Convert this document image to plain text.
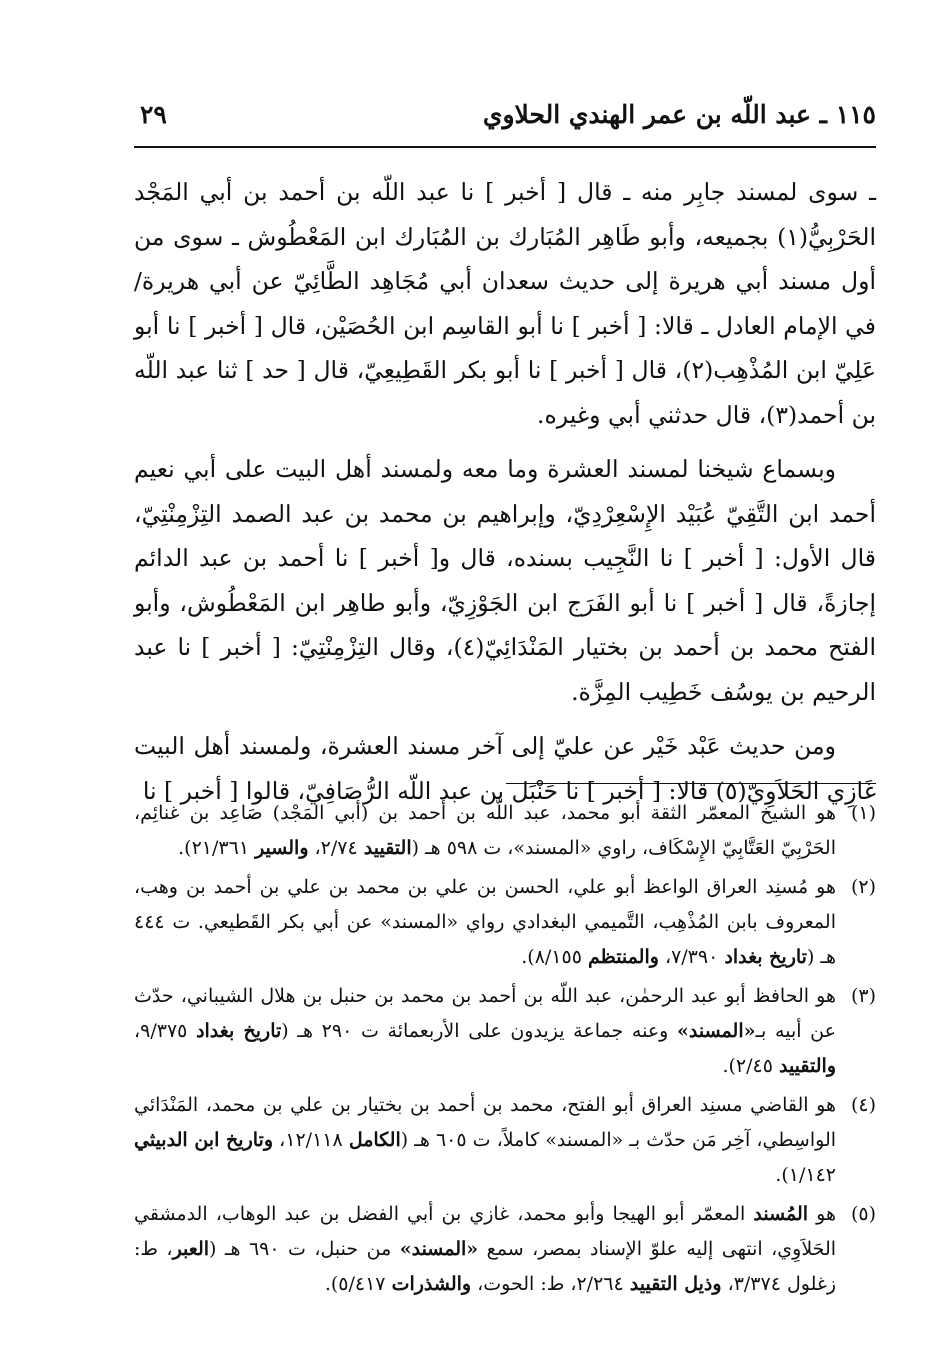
١١٥ ـ عبد اللّه بن عمر الهندي الحلاوي
٢٩

ـ سوى لمسند جابِر منه ـ قال [ أخبر ] نا عبد اللّه بن أحمد بن أبي المَجْد الحَرْبِيُّ(١) بجميعه، وأبو طَاهِر المُبَارك بن المُبَارك ابن المَعْطُوش ـ سوى من أول مسند أبي هريرة إلى حديث سعدان أبي مُجَاهِد الطَّائِيّ عن أبي هريرة/ في الإمام العادل ـ قالا: [ أخبر ] نا أبو القاسِم ابن الحُصَيْن، قال [ أخبر ] نا أبو عَلِيّ ابن المُذْهِب(٢)، قال [ أخبر ] نا أبو بكر القَطِيعِيّ، قال [ حد ] ثنا عبد اللّه بن أحمد(٣)، قال حدثني أبي وغيره.

وبسماع شيخنا لمسند العشرة وما معه ولمسند أهل البيت على أبي نعيم أحمد ابن التَّقِيّ عُبَيْد الإِسْعِرْدِيّ، وإبراهيم بن محمد بن عبد الصمد التِزْمِنْتِيّ، قال الأول: [ أخبر ] نا النَّجِيب بسنده، قال و[ أخبر ] نا أحمد بن عبد الدائم إجازةً، قال [ أخبر ] نا أبو الفَرَج ابن الجَوْزِيّ، وأبو طاهِر ابن المَعْطُوش، وأبو الفتح محمد بن أحمد بن بختيار المَنْدَائِيّ(٤)، وقال التِزْمِنْتِيّ: [ أخبر ] نا عبد الرحيم بن يوسُف خَطِيب المِزَّة.

ومن حديث عَبْد خَيْر عن عليّ إلى آخر مسند العشرة، ولمسند أهل البيت غَازِي الحَلاَوِيّ(٥) قالا: [ أخبر ] نا حَنْبَل بن عبد اللّه الرُّصَافِيّ، قالوا [ أخبر ] نا

(١)
هو الشيخ المعمّر الثقة أبو محمد، عبد اللّه بن أحمد بن (أبي المَجْد) صَاعِد بن غنائِم، الحَرْبِيّ العَتَّابِيّ الإِسْكَاف، راوي «المسند»، ت ٥٩٨ هـ (التقييد ٢/٧٤، والسير ٢١/٣٦١).
(٢)
هو مُسنِد العراق الواعظ أبو علي، الحسن بن علي بن محمد بن علي بن أحمد بن وهب، المعروف بابن المُذْهِب، التَّميمي البغدادي رواي «المسند» عن أبي بكر القَطيعي. ت ٤٤٤ هـ (تاريخ بغداد ٧/٣٩٠، والمنتظم ٨/١٥٥).
(٣)
هو الحافظ أبو عبد الرحمٰن، عبد اللّه بن أحمد بن محمد بن حنبل بن هلال الشيباني، حدّث عن أبيه بـ«المسند» وعنه جماعة يزيدون على الأربعمائة ت ٢٩٠ هـ (تاريخ بغداد ٩/٣٧٥، والتقييد ٢/٤٥).
(٤)
هو القاضي مسنِد العراق أبو الفتح، محمد بن أحمد بن بختيار بن علي بن محمد، المَنْدَائي الواسِطي، آخِر مَن حدّث بـ «المسند» كاملاً، ت ٦٠٥ هـ (الكامل ١٢/١١٨، وتاريخ ابن الدبيثي ١/١٤٢).
(٥)
هو المُسند المعمّر أبو الهيجا وأبو محمد، غازي بن أبي الفضل بن عبد الوهاب، الدمشقي الحَلاَوِي، انتهى إليه علوّ الإسناد بمصر، سمع «المسند» من حنبل، ت ٦٩٠ هـ (العبر، ط: زغلول ٣/٣٧٤، وذيل التقييد ٢/٢٦٤، ط: الحوت، والشذرات ٥/٤١٧).
